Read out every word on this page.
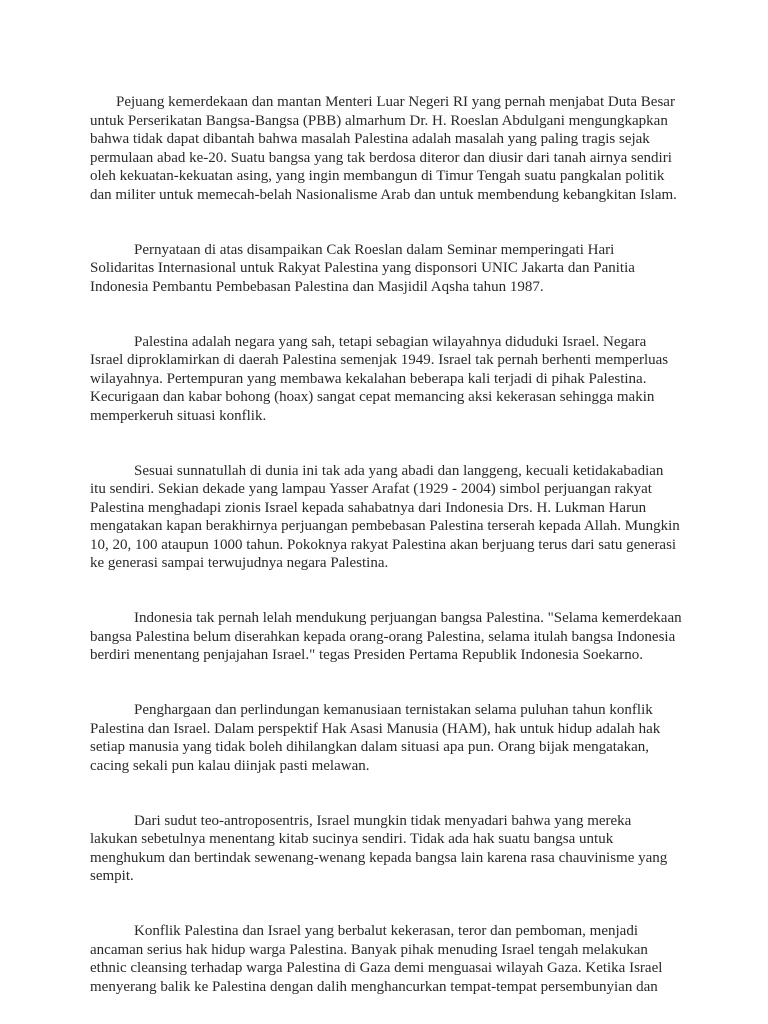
Pejuang kemerdekaan dan mantan Menteri Luar Negeri RI yang pernah menjabat Duta Besar untuk Perserikatan Bangsa-Bangsa (PBB) almarhum Dr. H. Roeslan Abdulgani mengungkapkan bahwa tidak dapat dibantah bahwa masalah Palestina adalah masalah yang paling tragis sejak permulaan abad ke-20. Suatu bangsa yang tak berdosa diteror dan diusir dari tanah airnya sendiri oleh kekuatan-kekuatan asing, yang ingin membangun di Timur Tengah suatu pangkalan politik dan militer untuk memecah-belah Nasionalisme Arab dan untuk membendung kebangkitan Islam.

Pernyataan di atas disampaikan Cak Roeslan dalam Seminar memperingati Hari Solidaritas Internasional untuk Rakyat Palestina yang disponsori UNIC Jakarta dan Panitia Indonesia Pembantu Pembebasan Palestina dan Masjidil Aqsha tahun 1987.

Palestina adalah negara yang sah, tetapi sebagian wilayahnya diduduki Israel. Negara Israel diproklamirkan di daerah Palestina semenjak 1949. Israel tak pernah berhenti memperluas wilayahnya. Pertempuran yang membawa kekalahan beberapa kali terjadi di pihak Palestina. Kecurigaan dan kabar bohong (hoax) sangat cepat memancing aksi kekerasan sehingga makin memperkeruh situasi konflik.

Sesuai sunnatullah di dunia ini tak ada yang abadi dan langgeng, kecuali ketidakabadian itu sendiri. Sekian dekade yang lampau Yasser Arafat (1929 - 2004) simbol perjuangan rakyat Palestina menghadapi zionis Israel kepada sahabatnya dari Indonesia Drs. H. Lukman Harun mengatakan kapan berakhirnya perjuangan pembebasan Palestina terserah kepada Allah. Mungkin 10, 20, 100 ataupun 1000 tahun. Pokoknya rakyat Palestina akan berjuang terus dari satu generasi ke generasi sampai terwujudnya negara Palestina.

Indonesia tak pernah lelah mendukung perjuangan bangsa Palestina. "Selama kemerdekaan bangsa Palestina belum diserahkan kepada orang-orang Palestina, selama itulah bangsa Indonesia berdiri menentang penjajahan Israel." tegas Presiden Pertama Republik Indonesia Soekarno.

Penghargaan dan perlindungan kemanusiaan ternistakan selama puluhan tahun konflik Palestina dan Israel. Dalam perspektif Hak Asasi Manusia (HAM), hak untuk hidup adalah hak setiap manusia yang tidak boleh dihilangkan dalam situasi apa pun. Orang bijak mengatakan, cacing sekali pun kalau diinjak pasti melawan.

Dari sudut teo-antroposentris, Israel mungkin tidak menyadari bahwa yang mereka lakukan sebetulnya menentang kitab sucinya sendiri. Tidak ada hak suatu bangsa untuk menghukum dan bertindak sewenang-wenang kepada bangsa lain karena rasa chauvinisme yang sempit.

Konflik Palestina dan Israel yang berbalut kekerasan, teror dan pemboman, menjadi ancaman serius hak hidup warga Palestina. Banyak pihak menuding Israel tengah melakukan ethnic cleansing terhadap warga Palestina di Gaza demi menguasai wilayah Gaza. Ketika Israel menyerang balik ke Palestina dengan dalih menghancurkan tempat-tempat persembunyian dan
